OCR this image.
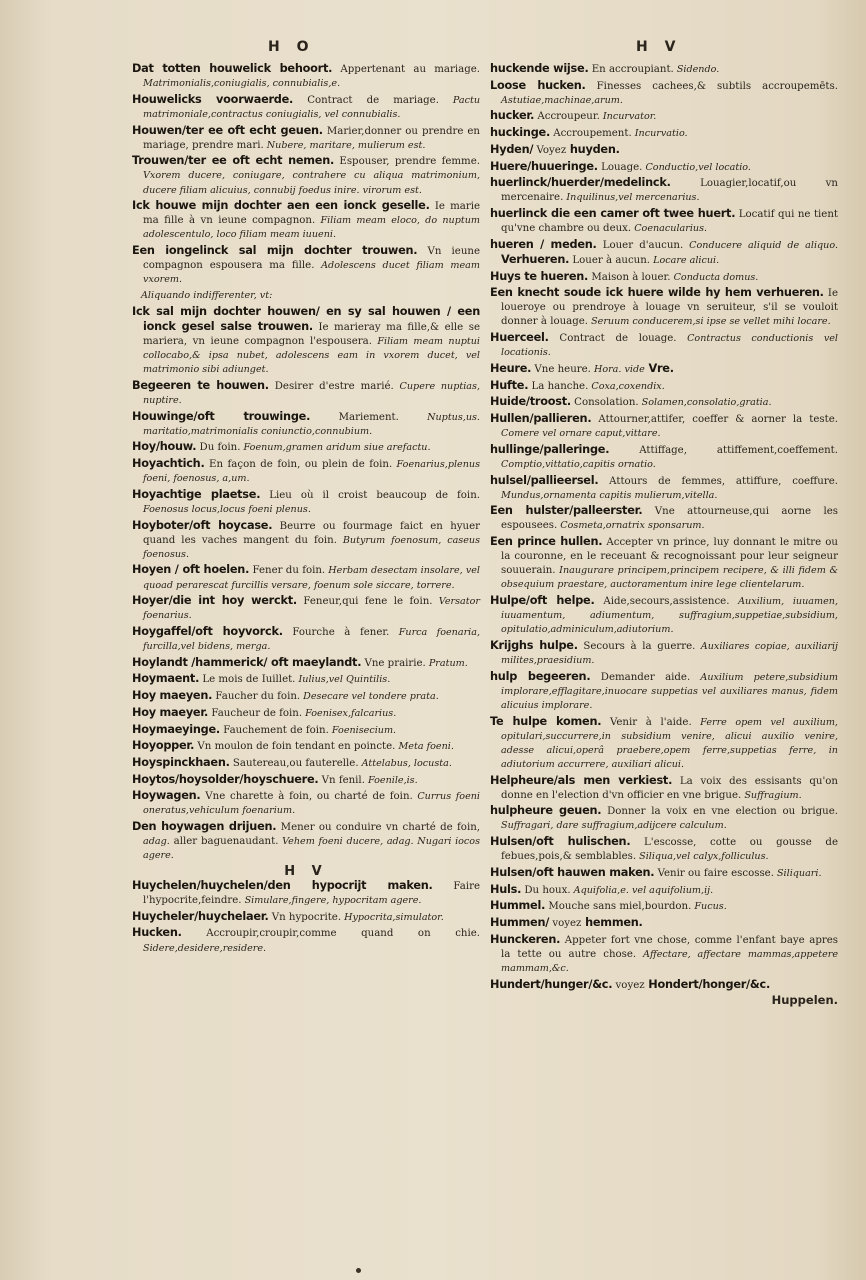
H O	H V

Dat totten houwelick behoort. Appertenant au mariage. Matrimonialis,coniugialis, connubialis,e.

Houwelicks voorwaerde. Contract de mariage. Pactu matrimoniale,contractus coniugialis, vel connubialis.

Houwen/ter ee oft echt geuen. Marier,donner ou prendre en mariage, prendre mari. Nubere, maritare, mulierum est.

Trouwen/ter ee oft echt nemen. Espouser, prendre femme. Vxorem ducere, coniugare, contrahere cu aliqua matrimonium, ducere filiam alicuius, connubij foedus inire. virorum est.

Ick houwe mijn dochter aen een ionck geselle. Ie marie ma fille à vn ieune compagnon. Filiam meam eloco, do nuptum adolescentulo, loco filiam meam iuueni.

Een iongelinck sal mijn dochter trouwen. Vn ieune compagnon espousera ma fille. Adolescens ducet filiam meam vxorem.

Aliquando indifferenter, vt:

Ick sal mijn dochter houwen/ en sy sal houwen / een ionck gesel salse trouwen. Ie marieray ma fille,& elle se mariera, vn ieune compagnon l'espousera. Filiam meam nuptui collocabo,& ipsa nubet, adolescens eam in vxorem ducet, vel matrimonio sibi adiunget.

Begeeren te houwen. Desirer d'estre marié. Cupere nuptias, nuptire.

Houwinge/oft trouwinge. Mariement. Nuptus,us. maritatio,matrimonialis coniunctio,connubium.

Hoy/houw. Du foin. Foenum,gramen aridum siue arefactu.

Hoyachtich. En façon de foin, ou plein de foin. Foenarius,plenus foeni, foenosus, a,um.

Hoyachtige plaetse. Lieu où il croist beaucoup de foin. Foenosus locus,locus foeni plenus.

Hoyboter/oft hoycase. Beurre ou fourmage faict en hyuer quand les vaches mangent du foin. Butyrum foenosum, caseus foenosus.

Hoyen / oft hoelen. Fener du foin. Herbam desectam insolare, vel quoad perarescat furcillis versare, foenum sole siccare, torrere.

Hoyer/die int hoy werckt. Feneur,qui fene le foin. Versator foenarius.

Hoygaffel/oft hoyvorck. Fourche à fener. Furca foenaria, furcilla,vel bidens, merga.

Hoylandt /hammerick/ oft maeylandt. Vne prairie. Pratum.

Hoymaent. Le mois de Iuillet. Iulius,vel Quintilis.

Hoy maeyen. Faucher du foin. Desecare vel tondere prata.

Hoy maeyer. Faucheur de foin. Foenisex,falcarius.

Hoymaeyinge. Fauchement de foin. Foenisecium.

Hoyopper. Vn moulon de foin tendant en poincte. Meta foeni.

Hoyspinckhaen. Sautereau,ou fauterelle. Attelabus, locusta.

Hoytos/hoysolder/hoyschuere. Vn fenil. Foenile,is.

Hoywagen. Vne charette à foin, ou charté de foin. Currus foeni oneratus,vehiculum foenarium.

Den hoywagen drijuen. Mener ou conduire vn charté de foin, adag. aller baguenaudant. Vehem foeni ducere, adag. Nugari iocos agere.

H V

Huychelen/huychelen/den hypocrijt maken. Faire l'hypocrite,feindre. Simulare,fingere, hypocritam agere.

Huycheler/huychelaer. Vn hypocrite. Hypocrita,simulator.

Hucken. Accroupir,croupir,comme quand on chie. Sidere,desidere,residere.

huckende wijse. En accroupiant. Sidendo.

Loose hucken. Finesses cachees,& subtils accroupemēts. Astutiae,machinae,arum.

hucker. Accroupeur. Incurvator.

huckinge. Accroupement. Incurvatio.

Hyden/ Voyez huyden.

Huere/huueringe. Louage. Conductio,vel locatio.

huerlinck/huerder/medelinck. Louagier,locatif,ou vn mercenaire. Inquilinus,vel mercenarius.

huerlinck die een camer oft twee huert. Locatif qui ne tient qu'vne chambre ou deux. Coenacularius.

hueren / meden. Louer d'aucun. Conducere aliquid de aliquo. Verhueren. Louer à aucun. Locare alicui.

Huys te hueren. Maison à louer. Conducta domus.

Een knecht soude ick huere wilde hy hem verhueren. Ie loueroye ou prendroye à louage vn seruiteur, s'il se vouloit donner à louage. Seruum conducerem,si ipse se vellet mihi locare.

Huerceel. Contract de louage. Contractus conductionis vel locationis.

Heure. Vne heure. Hora. vide Vre.

Hufte. La hanche. Coxa,coxendix.

Huide/troost. Consolation. Solamen,consolatio,gratia.

Hullen/pallieren. Attourner,attifer, coeffer & aorner la teste. Comere vel ornare caput,vittare.

hullinge/palleringe. Attiffage, attiffement,coeffement. Comptio,vittatio,capitis ornatio.

hulsel/pallieersel. Attours de femmes, attiffure, coeffure. Mundus,ornamenta capitis mulierum,vitella.

Een hulster/palleerster. Vne attourneuse,qui aorne les espousees. Cosmeta,ornatrix sponsarum.

Een prince hullen. Accepter vn prince, luy donnant le mitre ou la couronne, en le receuant & recognoissant pour leur seigneur souuerain. Inaugurare principem,principem recipere, & illi fidem & obsequium praestare, auctoramentum inire lege clientelarum.

Hulpe/oft helpe. Aide,secours,assistence. Auxilium, iuuamen, iuuamentum, adiumentum, suffragium,suppetiae,subsidium, opitulatio,adminiculum,adiutorium.

Krijghs hulpe. Secours à la guerre. Auxiliares copiae, auxiliarij milites,praesidium.

hulp begeeren. Demander aide. Auxilium petere,subsidium implorare,efflagitare,inuocare suppetias vel auxiliares manus, fidem alicuius implorare.

Te hulpe komen. Venir à l'aide. Ferre opem vel auxilium, opitulari,succurrere,in subsidium venire, alicui auxilio venire, adesse alicui,operâ praebere,opem ferre,suppetias ferre, in adiutorium accurrere, auxiliari alicui.

Helpheure/als men verkiest. La voix des essisants qu'on donne en l'election d'vn officier en vne brigue. Suffragium.

hulpheure geuen. Donner la voix en vne election ou brigue. Suffragari, dare suffragium,adijcere calculum.

Hulsen/oft hulischen. L'escosse, cotte ou gousse de febues,pois,& semblables. Siliqua,vel calyx,folliculus.

Hulsen/oft hauwen maken. Venir ou faire escosse. Siliquari.

Huls. Du houx. Aquifolia,e. vel aquifolium,ij.

Hummel. Mouche sans miel,bourdon. Fucus.

Hummen/ voyez hemmen.

Hunckeren. Appeter fort vne chose, comme l'enfant baye apres la tette ou autre chose. Affectare, affectare mammas,appetere mammam,&c.

Hundert/hunger/&c. voyez Hondert/honger/&c.

Huppelen.
